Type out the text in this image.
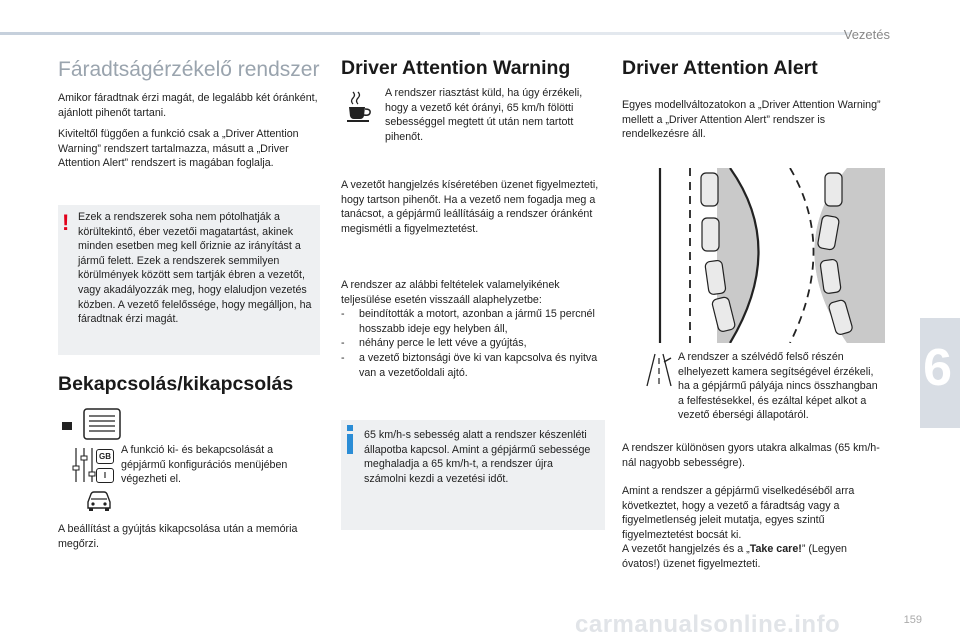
Vezetés
6
Fáradtságérzékelő rendszer
Amikor fáradtnak érzi magát, de legalább két óránként, ajánlott pihenőt tartani.
Kiviteltől függően a funkció csak a „Driver Attention Warning” rendszert tartalmazza, másutt a „Driver Attention Alert” rendszert is magában foglalja.
! Ezek a rendszerek soha nem pótolhatják a körültekintő, éber vezetői magatartást, akinek minden esetben meg kell őriznie az irányítást a jármű felett. Ezek a rendszerek semmilyen körülmények között sem tartják ébren a vezetőt, vagy akadályozzák meg, hogy elaludjon vezetés közben. A vezető felelőssége, hogy megálljon, ha fáradtnak érzi magát.
Bekapcsolás/kikapcsolás
GB
I
A funkció ki- és bekapcsolását a gépjármű konfigurációs menüjében végezheti el.
A beállítást a gyújtás kikapcsolása után a memória megőrzi.
Driver Attention Warning
A rendszer riasztást küld, ha úgy érzékeli, hogy a vezető két órányi, 65 km/h fölötti sebességgel megtett út után nem tartott pihenőt.
A vezetőt hangjelzés kíséretében üzenet figyelmezteti, hogy tartson pihenőt. Ha a vezető nem fogadja meg a tanácsot, a gépjármű leállításáig a rendszer óránként megismétli a figyelmeztetést.
A rendszer az alábbi feltételek valamelyikének teljesülése esetén visszaáll alaphelyzetbe:
- beindították a motort, azonban a jármű 15 percnél hosszabb ideje egy helyben áll,
- néhány perce le lett véve a gyújtás,
- a vezető biztonsági öve ki van kapcsolva és nyitva van a vezetőoldali ajtó.
65 km/h-s sebesség alatt a rendszer készenléti állapotba kapcsol. Amint a gépjármű sebessége meghaladja a 65 km/h-t, a rendszer újra számolni kezdi a vezetési időt.
Driver Attention Alert
Egyes modellváltozatokon a „Driver Attention Warning” mellett a „Driver Attention Alert” rendszer is rendelkezésre áll.
A rendszer a szélvédő felső részén elhelyezett kamera segítségével érzékeli, ha a gépjármű pályája nincs összhangban a felfestésekkel, és ezáltal képet alkot a vezető éberségi állapotáról.
A rendszer különösen gyors utakra alkalmas (65 km/h-nál nagyobb sebességre).
Amint a rendszer a gépjármű viselkedéséből arra következtet, hogy a vezető a fáradtság vagy a figyelmetlenség jeleit mutatja, egyes szintű figyelmeztetést bocsát ki.
A vezetőt hangjelzés és a „Take care!” (Legyen óvatos!) üzenet figyelmezteti.
carmanualsonline.info	159
